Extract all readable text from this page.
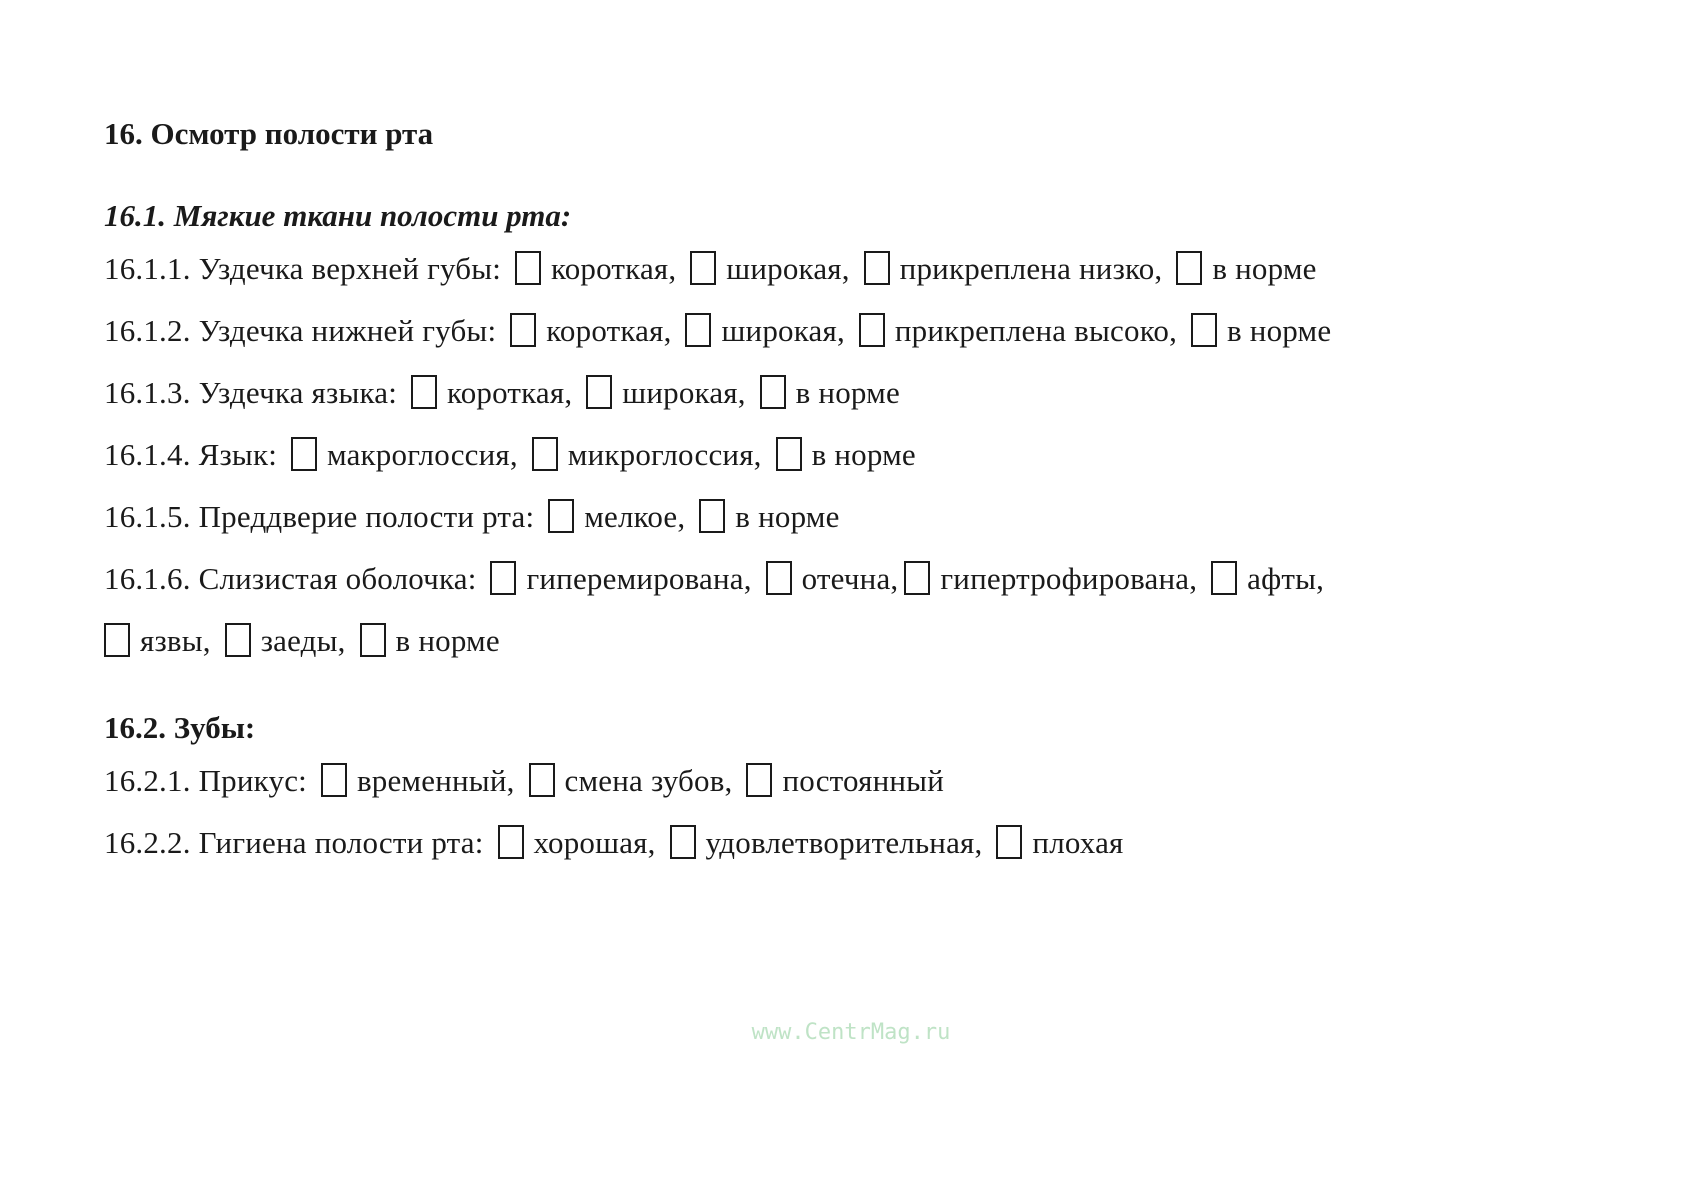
16. Осмотр полости рта
16.1. Мягкие ткани полости рта:
16.1.1. Уздечка верхней губы: короткая, широкая, прикреплена низко, в норме
16.1.2. Уздечка нижней губы: короткая, широкая, прикреплена высоко, в норме
16.1.3. Уздечка языка: короткая, широкая, в норме
16.1.4. Язык: макроглоссия, микроглоссия, в норме
16.1.5. Преддверие полости рта: мелкое, в норме
16.1.6. Слизистая оболочка: гиперемирована, отечна, гипертрофирована, афты,
язвы, заеды, в норме
16.2. Зубы:
16.2.1. Прикус: временный, смена зубов, постоянный
16.2.2. Гигиена полости рта: хорошая, удовлетворительная, плохая
www.CentrMag.ru
